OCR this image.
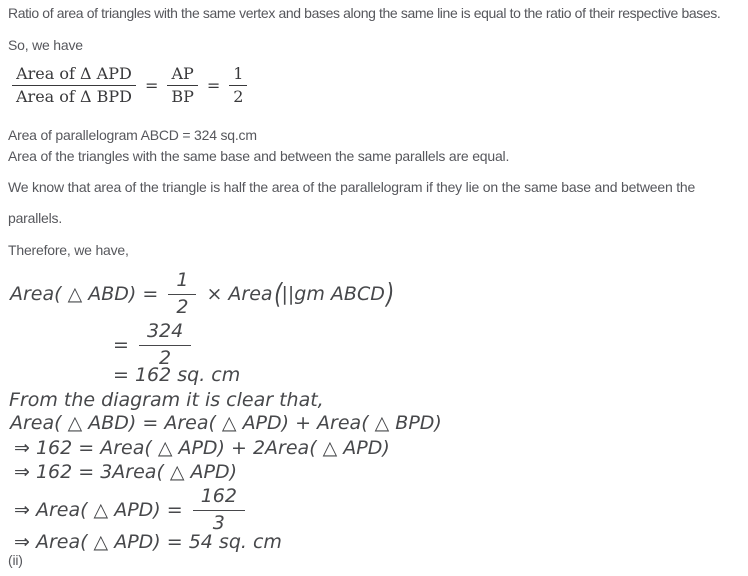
Ratio of area of triangles with the same vertex and bases along the same line is equal to the ratio of their respective bases.
So, we have
$\frac{\text{Area of Δ APD}}{\text{Area of Δ BPD}} = \frac{AP}{BP} = \frac{1}{2}$
Area of parallelogram ABCD = 324 sq.cm
Area of the triangles with the same base and between the same parallels are equal.
We know that area of the triangle is half the area of the parallelogram if they lie on the same base and between the
parallels.
Therefore, we have,
Area( △ $ABD) = \frac{1}{2}$ × Area ( ||gm ABCD )
= $\frac{324}{2}$
= 162 sq. cm
From the diagram it is clear that,
Area( △ ABD) = Area( △ APD) + Area( △ BPD)
⇒ 162 = Area( △ APD) + 2Area( △ APD)
⇒ 162 = 3Area( △ APD)
⇒ Area( △ $APD) = \frac{162}{3}$
⇒ Area( △ APD) = 54 sq. cm
(ii)
